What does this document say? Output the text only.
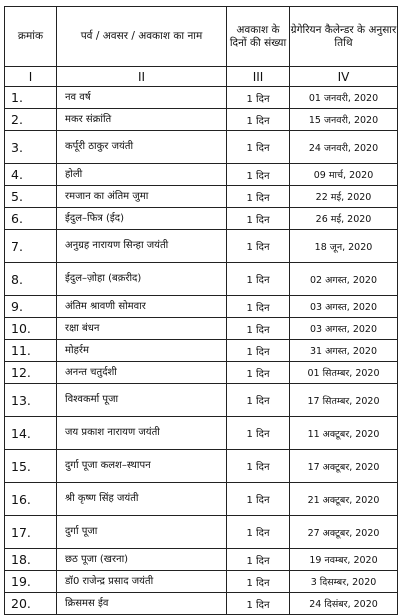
क्रमांक	पर्व / अवसर / अवकाश का नाम	अवकाश के दिनों की संख्या	ग्रेगेरियन कैलेन्डर के अनुसार तिथि
I	II	III	IV
1.	नव वर्ष	1 दिन	01 जनवरी, 2020
2.	मकर संक्रांति	1 दिन	15 जनवरी, 2020
3.	कर्पूरी ठाकुर जयंती	1 दिन	24 जनवरी, 2020
4.	होली	1 दिन	09 मार्च, 2020
5.	रमजान का अंतिम जुमा	1 दिन	22 मई, 2020
6.	ईदुल–फित्र (ईद)	1 दिन	26 मई, 2020
7.	अनुग्रह नारायण सिन्हा जयंती	1 दिन	18 जून, 2020
8.	ईदुल–ज़ोहा (बक़रीद)	1 दिन	02 अगस्त, 2020
9.	अंतिम श्रावणी सोमवार	1 दिन	03 अगस्त, 2020
10.	रक्षा बंधन	1 दिन	03 अगस्त, 2020
11.	मोहर्रम	1 दिन	31 अगस्त, 2020
12.	अनन्त चतुर्दशी	1 दिन	01 सितम्बर, 2020
13.	विश्वकर्मा पूजा	1 दिन	17 सितम्बर, 2020
14.	जय प्रकाश नारायण जयंती	1 दिन	11 अक्टूबर, 2020
15.	दुर्गा पूजा कलश–स्थापन	1 दिन	17 अक्टूबर, 2020
16.	श्री कृष्ण सिंह जयंती	1 दिन	21 अक्टूबर, 2020
17.	दुर्गा पूजा	1 दिन	27 अक्टूबर, 2020
18.	छठ पूजा (खरना)	1 दिन	19 नवम्बर, 2020
19.	डॉ0 राजेन्द्र प्रसाद जयंती	1 दिन	3 दिसम्बर, 2020
20.	क्रिसमस ईव	1 दिन	24 दिसंबर, 2020
